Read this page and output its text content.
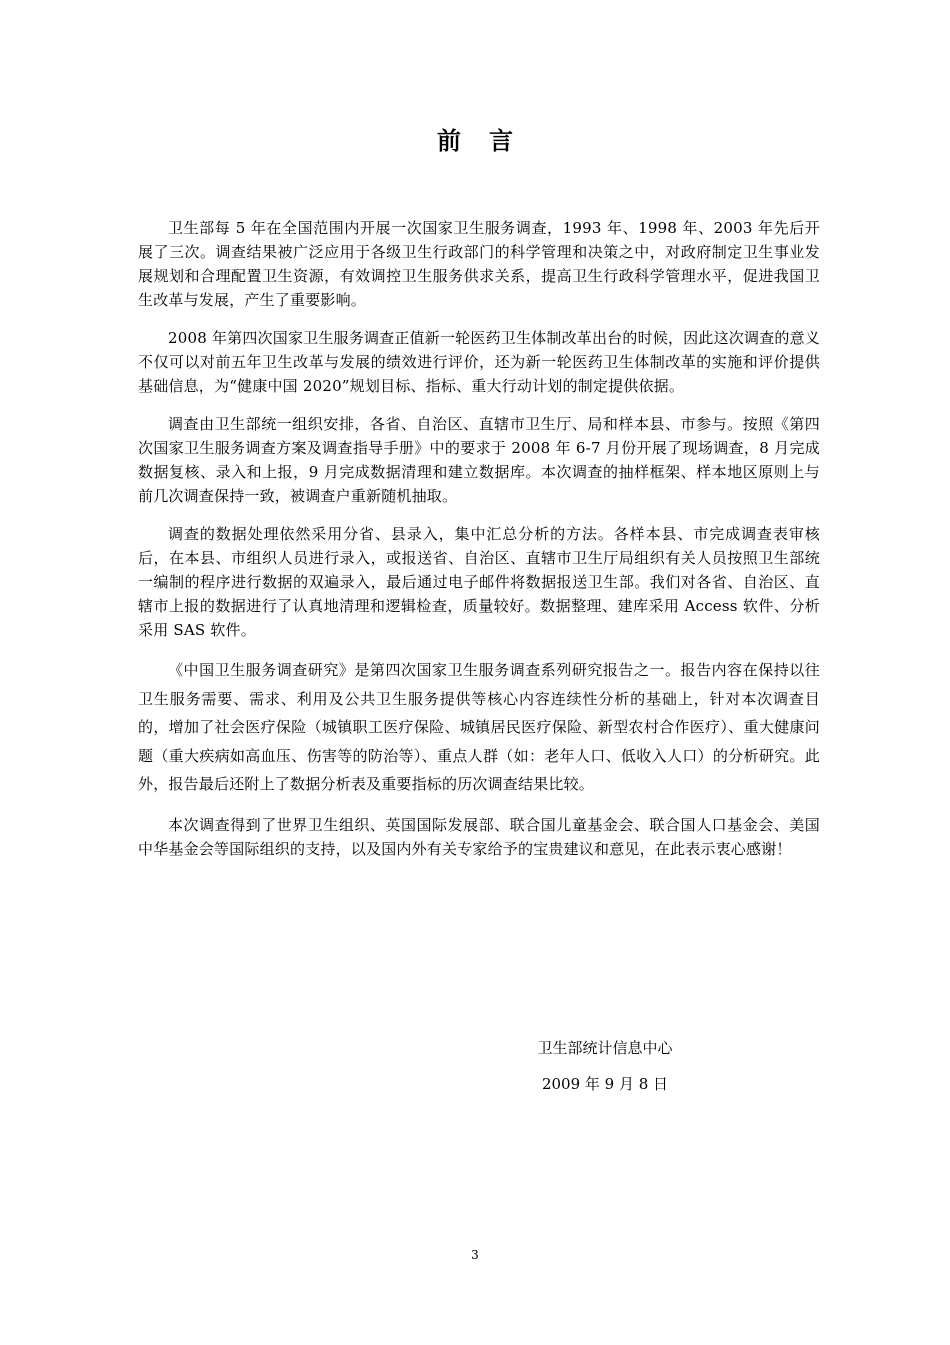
前言

卫生部每 5 年在全国范围内开展一次国家卫生服务调查，1993 年、1998 年、2003 年先后开展了三次。调查结果被广泛应用于各级卫生行政部门的科学管理和决策之中，对政府制定卫生事业发展规划和合理配置卫生资源，有效调控卫生服务供求关系，提高卫生行政科学管理水平，促进我国卫生改革与发展，产生了重要影响。

2008 年第四次国家卫生服务调查正值新一轮医药卫生体制改革出台的时候，因此这次调查的意义不仅可以对前五年卫生改革与发展的绩效进行评价，还为新一轮医药卫生体制改革的实施和评价提供基础信息，为“健康中国 2020”规划目标、指标、重大行动计划的制定提供依据。

调查由卫生部统一组织安排，各省、自治区、直辖市卫生厅、局和样本县、市参与。按照《第四次国家卫生服务调查方案及调查指导手册》中的要求于 2008 年 6-7 月份开展了现场调查，8 月完成数据复核、录入和上报，9 月完成数据清理和建立数据库。本次调查的抽样框架、样本地区原则上与前几次调查保持一致，被调查户重新随机抽取。

调查的数据处理依然采用分省、县录入，集中汇总分析的方法。各样本县、市完成调查表审核后，在本县、市组织人员进行录入，或报送省、自治区、直辖市卫生厅局组织有关人员按照卫生部统一编制的程序进行数据的双遍录入，最后通过电子邮件将数据报送卫生部。我们对各省、自治区、直辖市上报的数据进行了认真地清理和逻辑检查，质量较好。数据整理、建库采用 Access 软件、分析采用 SAS 软件。

《中国卫生服务调查研究》是第四次国家卫生服务调查系列研究报告之一。报告内容在保持以往卫生服务需要、需求、利用及公共卫生服务提供等核心内容连续性分析的基础上，针对本次调查目的，增加了社会医疗保险（城镇职工医疗保险、城镇居民医疗保险、新型农村合作医疗）、重大健康问题（重大疾病如高血压、伤害等的防治等）、重点人群（如：老年人口、低收入人口）的分析研究。此外，报告最后还附上了数据分析表及重要指标的历次调查结果比较。

本次调查得到了世界卫生组织、英国国际发展部、联合国儿童基金会、联合国人口基金会、美国中华基金会等国际组织的支持，以及国内外有关专家给予的宝贵建议和意见，在此表示衷心感谢！

卫生部统计信息中心
2009 年 9 月 8 日
3
